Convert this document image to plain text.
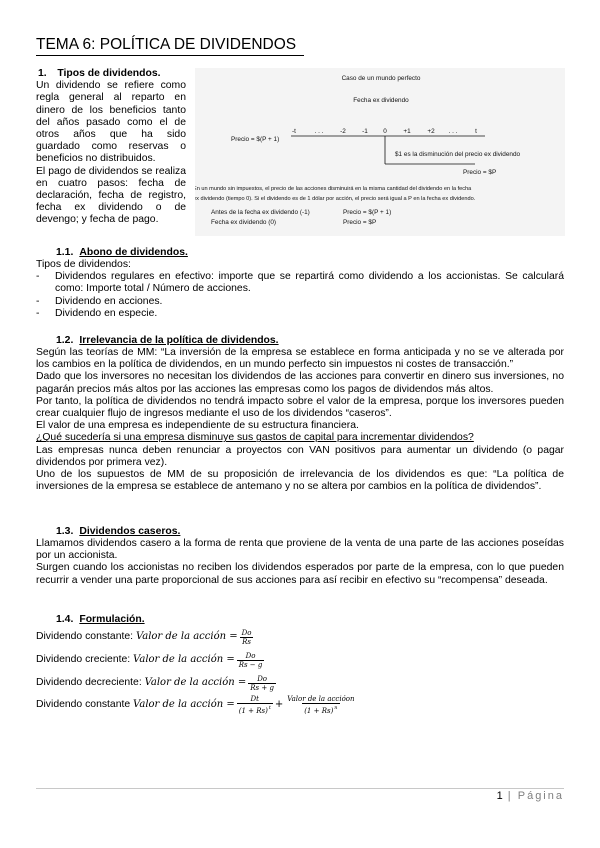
TEMA 6: POLÍTICA DE DIVIDENDOS

1. Tipos de dividendos.

Un dividendo se refiere como regla general al reparto en dinero de los beneficios tanto del años pasado como el de otros años que ha sido guardado como reservas o beneficios no distribuidos.

El pago de dividendos se realiza en cuatro pasos: fecha de declaración, fecha de registro, fecha ex dividendo o de devengo; y fecha de pago.

Caso de un mundo perfecto
Fecha ex dividendo
Precio = $(P + 1)
-t	. . .	-2	-1 0	+1	+2 . . .	t
$1 es la disminución del precio ex dividendo
Precio = $P
En un mundo sin impuestos, el precio de las acciones disminuirá en la misma cantidad del dividendo en la fecha
ex dividendo (tiempo 0). Si el dividendo es de 1 dólar por acción, el precio será igual a P en la fecha ex dividendo.
Antes de la fecha ex dividendo (-1)	Precio = $(P + 1)
Fecha ex dividendo (0)	Precio = $P
1.1. Abono de dividendos.

Tipos de dividendos:

- Dividendos regulares en efectivo: importe que se repartirá como dividendo a los accionistas. Se calculará como: Importe total / Número de acciones.
- Dividendo en acciones.
- Dividendo en especie.
1.2. Irrelevancia de la política de dividendos.

Según las teorías de MM: “La inversión de la empresa se establece en forma anticipada y no se ve alterada por los cambios en la política de dividendos, en un mundo perfecto sin impuestos ni costes de transacción.”

Dado que los inversores no necesitan los dividendos de las acciones para convertir en dinero sus inversiones, no pagarán precios más altos por las acciones las empresas como los pagos de dividendos más altos.

Por tanto, la política de dividendos no tendrá impacto sobre el valor de la empresa, porque los inversores pueden crear cualquier flujo de ingresos mediante el uso de los dividendos “caseros”.

El valor de una empresa es independiente de su estructura financiera.

¿Qué sucedería si una empresa disminuye sus gastos de capital para incrementar dividendos?

Las empresas nunca deben renunciar a proyectos con VAN positivos para aumentar un dividendo (o pagar dividendos por primera vez).

Uno de los supuestos de MM de su proposición de irrelevancia de los dividendos es que: “La política de inversiones de la empresa se establece de antemano y no se altera por cambios en la política de dividendos”.

1.3. Dividendos caseros.

Llamamos dividendos casero a la forma de renta que proviene de la venta de una parte de las acciones poseídas por un accionista.

Surgen cuando los accionistas no reciben los dividendos esperados por parte de la empresa, con lo que pueden recurrir a vender una parte proporcional de sus acciones para así recibir en efectivo su “recompensa” deseada.

1.4. Formulación.
Dividendo constante:
Valor de la acción = $\frac{Do}{Rs}$
Dividendo creciente:
Valor de la acción = $\frac{Do}{Rs - g}$
Dividendo decreciente:
Valor de la acción = $\frac{Do}{Rs + g}$
Dividendo constante
Valor de la acción = $\frac{Dt}{(1 + Rs)^t} + \frac{\text{Valor de la accióon}}{(1 + Rs)^n}$
1 | Página
